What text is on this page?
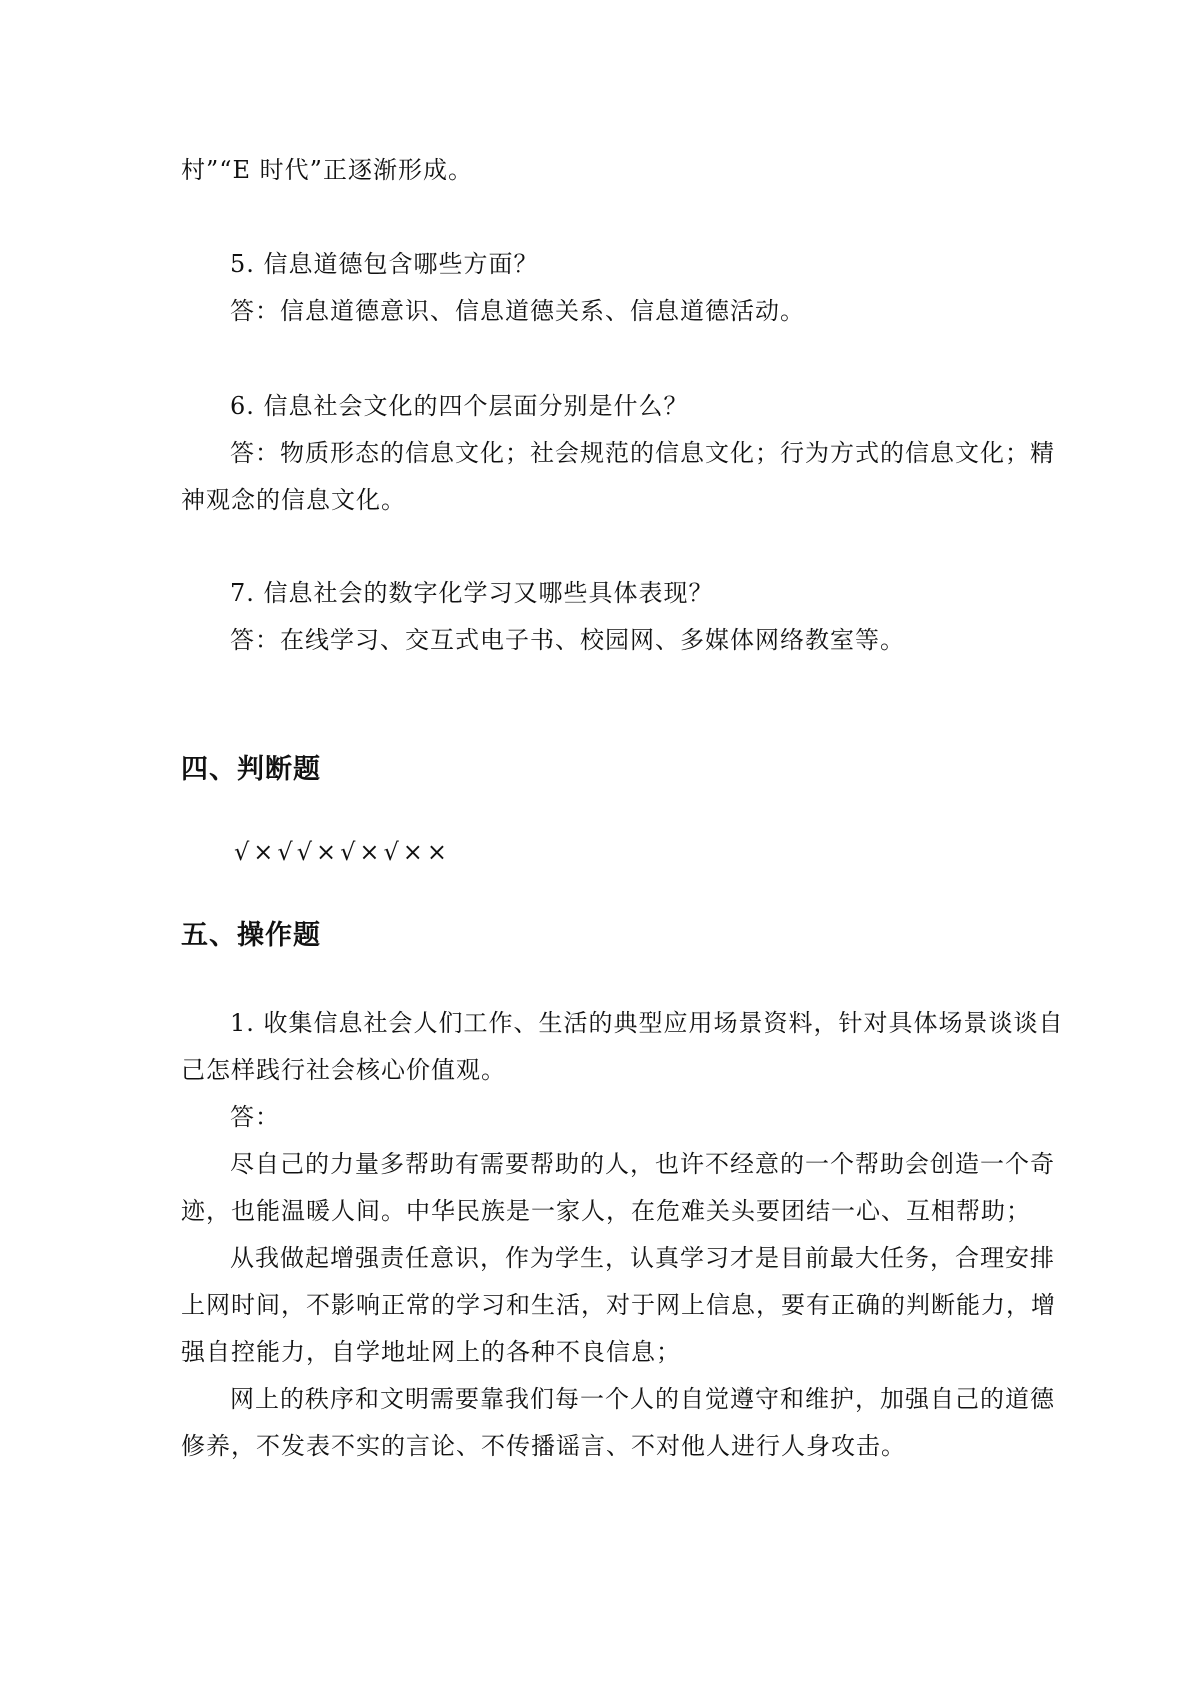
村”“E 时代”正逐渐形成。
5. 信息道德包含哪些方面？
答：信息道德意识、信息道德关系、信息道德活动。
6. 信息社会文化的四个层面分别是什么？
答：物质形态的信息文化；社会规范的信息文化；行为方式的信息文化；精
神观念的信息文化。
7. 信息社会的数字化学习又哪些具体表现？
答：在线学习、交互式电子书、校园网、多媒体网络教室等。
四、判断题
√×√√×√×√××
五、操作题
1. 收集信息社会人们工作、生活的典型应用场景资料，针对具体场景谈谈自
己怎样践行社会核心价值观。
答：
尽自己的力量多帮助有需要帮助的人，也许不经意的一个帮助会创造一个奇
迹，也能温暖人间。中华民族是一家人，在危难关头要团结一心、互相帮助；
从我做起增强责任意识，作为学生，认真学习才是目前最大任务，合理安排
上网时间，不影响正常的学习和生活，对于网上信息，要有正确的判断能力，增
强自控能力，自学地址网上的各种不良信息；
网上的秩序和文明需要靠我们每一个人的自觉遵守和维护，加强自己的道德
修养，不发表不实的言论、不传播谣言、不对他人进行人身攻击。
